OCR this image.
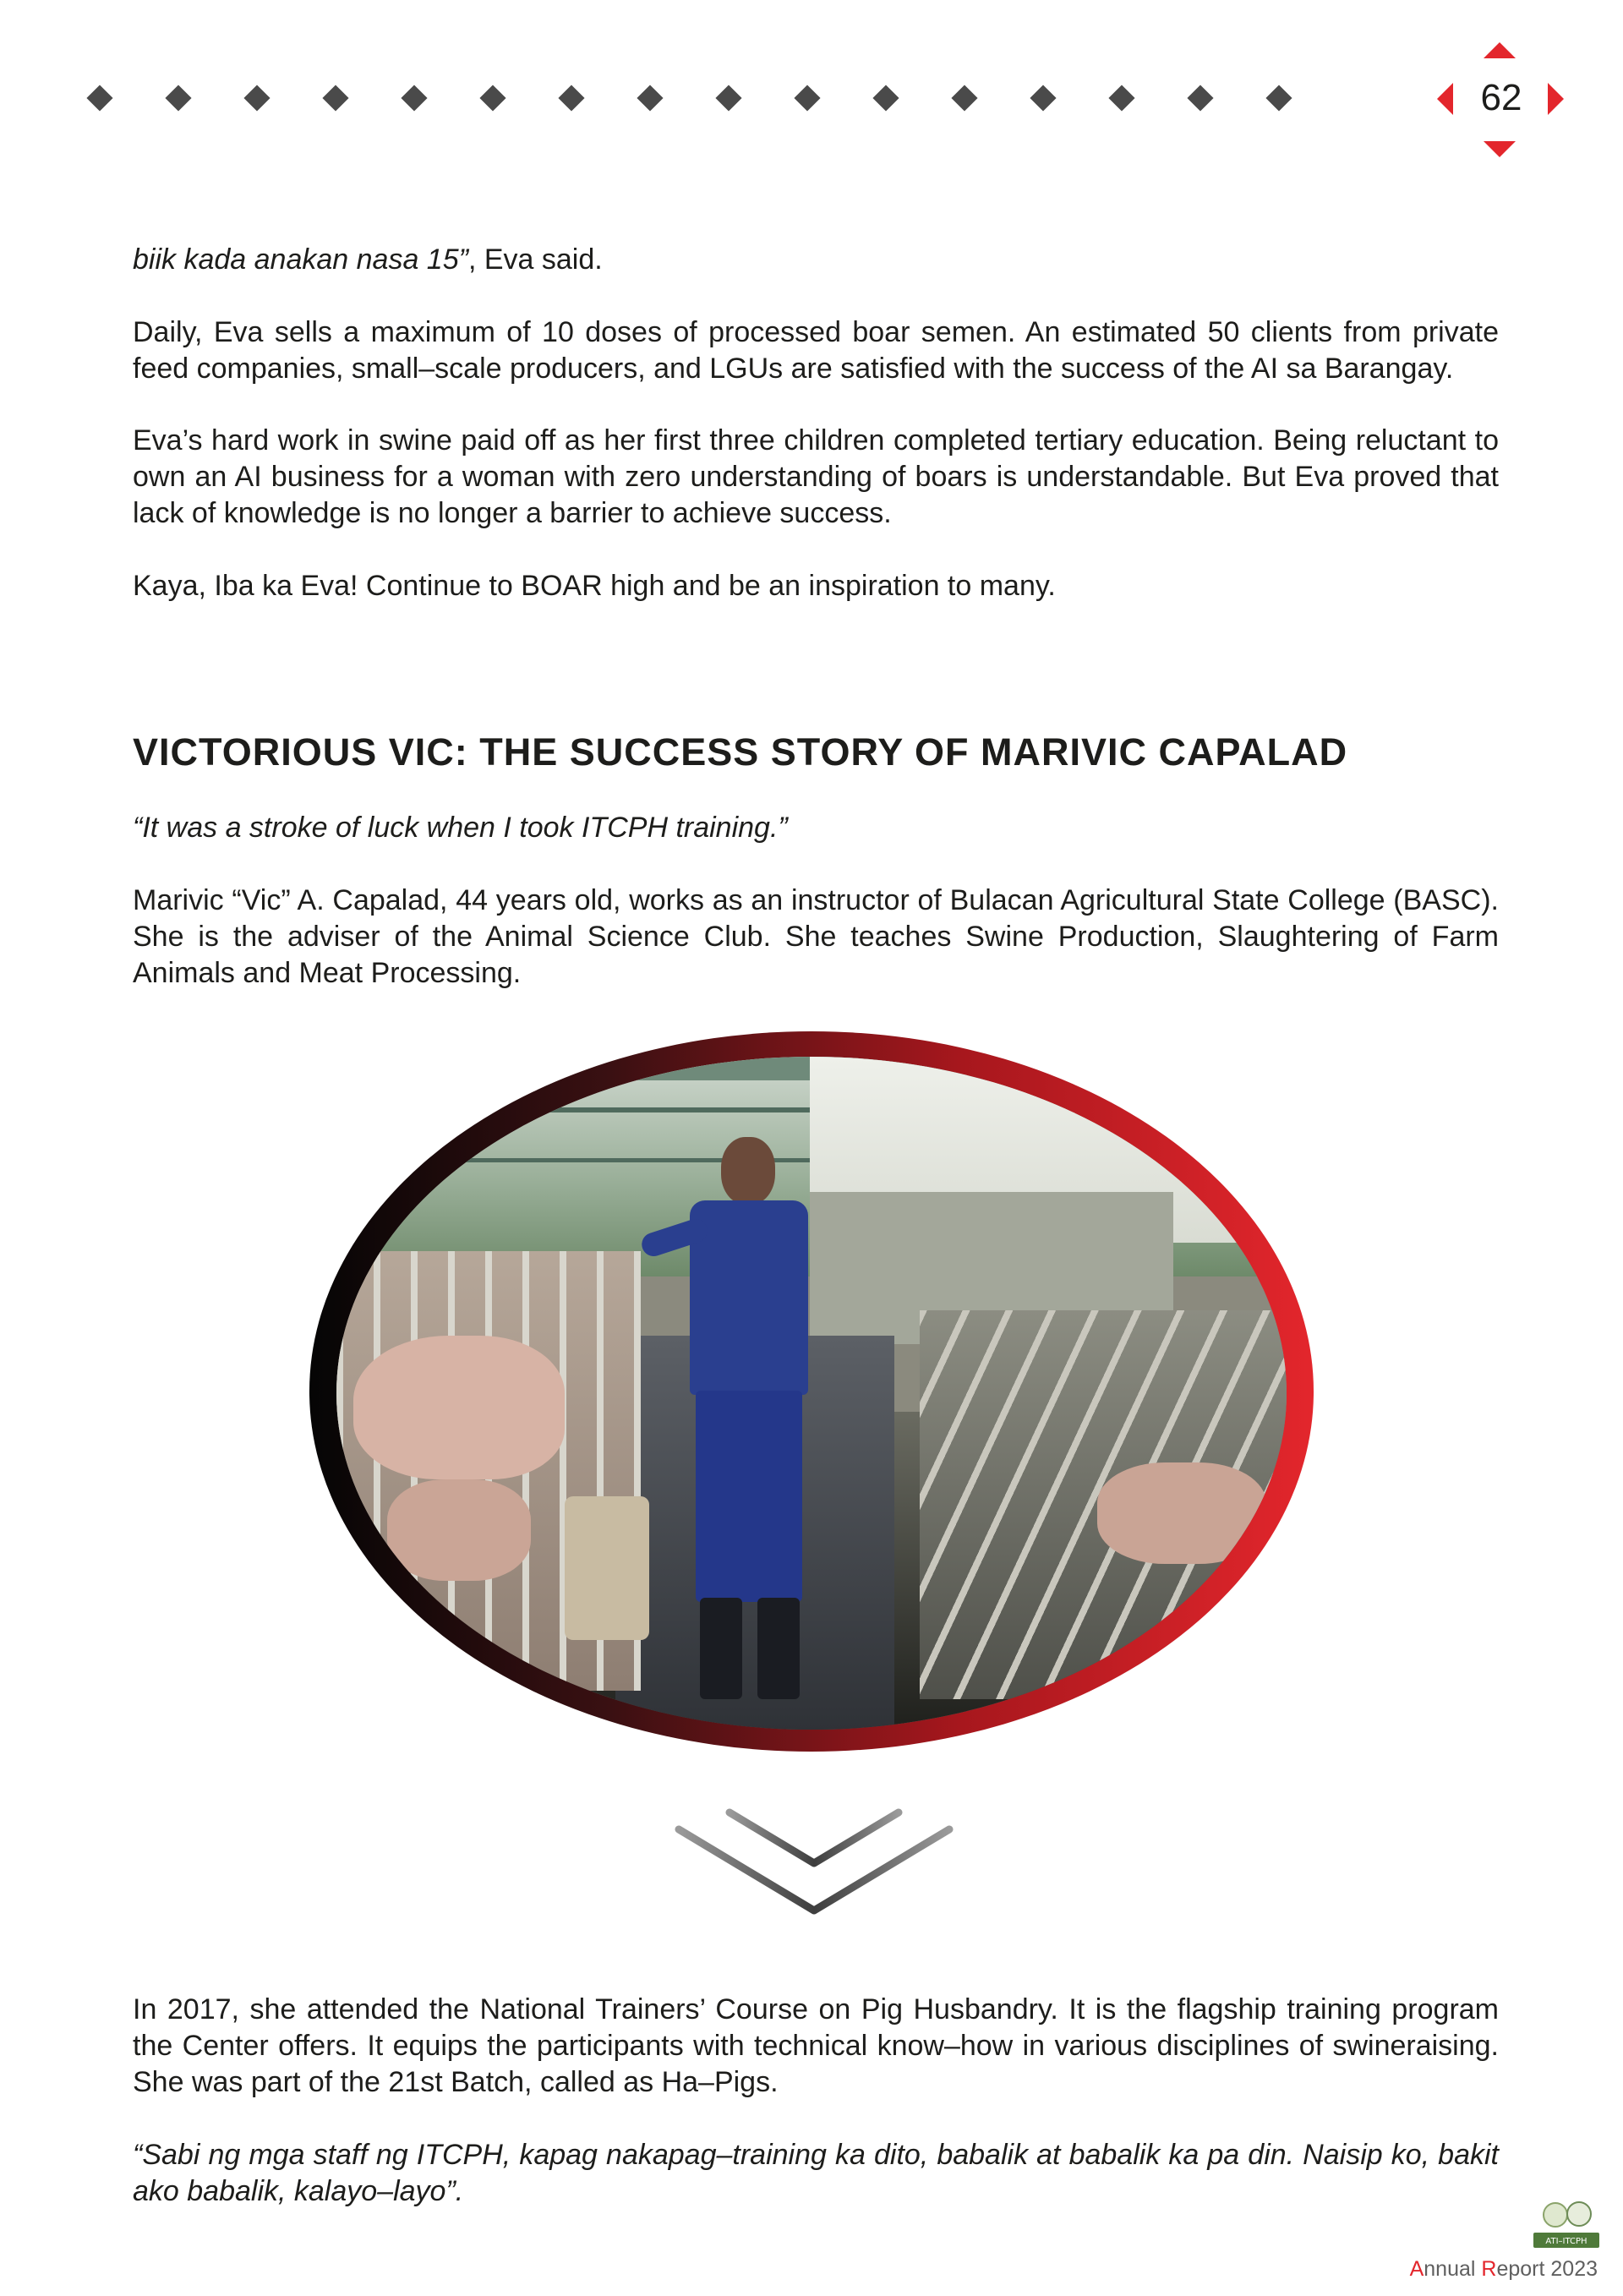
62

biik kada anakan nasa 15”, Eva said.

Daily, Eva sells a maximum of 10 doses of processed boar semen. An estimated 50 clients from private feed companies, small–scale producers, and LGUs are satisfied with the success of the AI sa Barangay.

Eva’s hard work in swine paid off as her first three children completed tertiary education. Being reluctant to own an AI business for a woman with zero understanding of boars is understandable. But Eva proved that lack of knowledge is no longer a barrier to achieve success.

Kaya, Iba ka Eva! Continue to BOAR high and be an inspiration to many.

VICTORIOUS VIC: THE SUCCESS STORY OF MARIVIC CAPALAD

“It was a stroke of luck when I took ITCPH training.”

Marivic “Vic” A. Capalad, 44 years old, works as an instructor of Bulacan Agricultural State College (BASC). She is the adviser of the Animal Science Club. She teaches Swine Production, Slaughtering of Farm Animals and Meat Processing.

In 2017, she attended the National Trainers’ Course on Pig Husbandry. It is the flagship training program the Center offers. It equips the participants with technical know–how in various disciplines of swineraising. She was part of the 21st Batch, called as Ha–Pigs.

“Sabi ng mga staff ng ITCPH, kapag nakapag–training ka dito, babalik at babalik ka pa din. Naisip ko, bakit ako babalik, kalayo–layo”.

ATI–ITCPH
Annual Report 2023
